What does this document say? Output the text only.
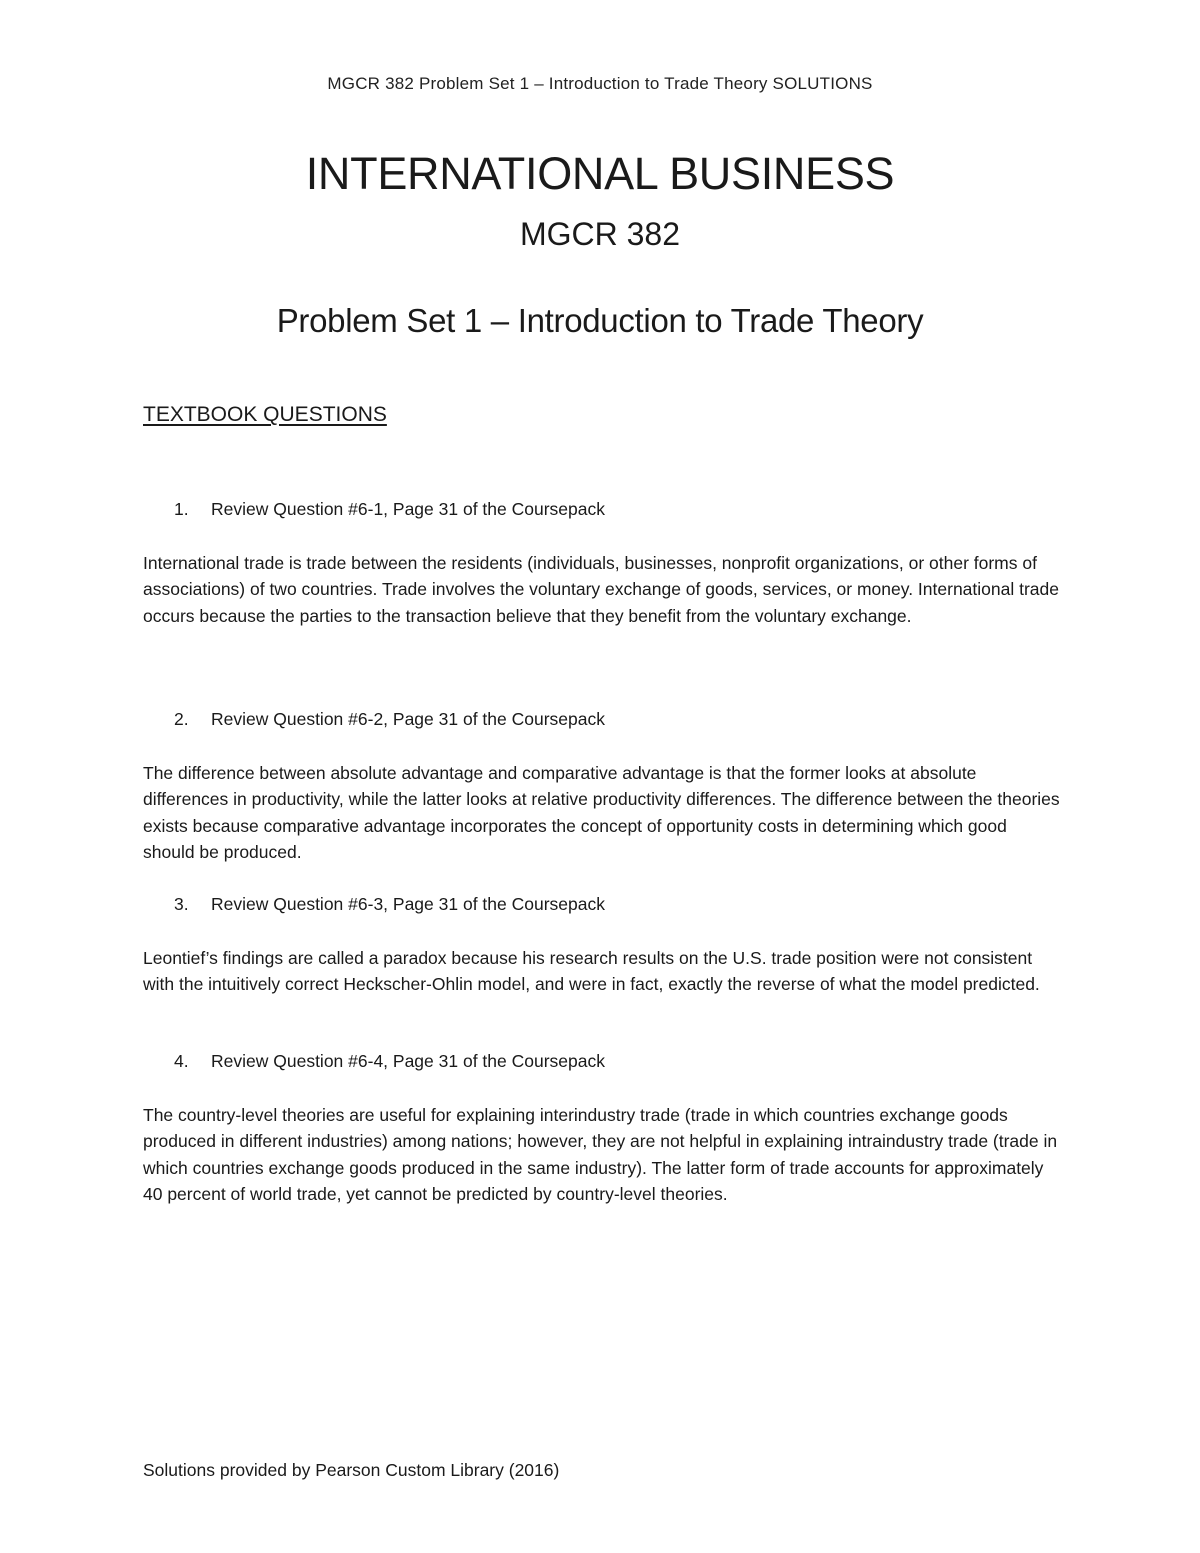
MGCR 382 Problem Set 1 – Introduction to Trade Theory SOLUTIONS
INTERNATIONAL BUSINESS
MGCR 382
Problem Set 1 – Introduction to Trade Theory
TEXTBOOK QUESTIONS
1. Review Question #6-1, Page 31 of the Coursepack

International trade is trade between the residents (individuals, businesses, nonprofit organizations, or other forms of associations) of two countries. Trade involves the voluntary exchange of goods, services, or money. International trade occurs because the parties to the transaction believe that they benefit from the voluntary exchange.

2. Review Question #6-2, Page 31 of the Coursepack

The difference between absolute advantage and comparative advantage is that the former looks at absolute differences in productivity, while the latter looks at relative productivity differences. The difference between the theories exists because comparative advantage incorporates the concept of opportunity costs in determining which good should be produced.

3. Review Question #6-3, Page 31 of the Coursepack

Leontief’s findings are called a paradox because his research results on the U.S. trade position were not consistent with the intuitively correct Heckscher-Ohlin model, and were in fact, exactly the reverse of what the model predicted.

4. Review Question #6-4, Page 31 of the Coursepack

The country-level theories are useful for explaining interindustry trade (trade in which countries exchange goods produced in different industries) among nations; however, they are not helpful in explaining intraindustry trade (trade in which countries exchange goods produced in the same industry). The latter form of trade accounts for approximately 40 percent of world trade, yet cannot be predicted by country-level theories.

Solutions provided by Pearson Custom Library (2016)
